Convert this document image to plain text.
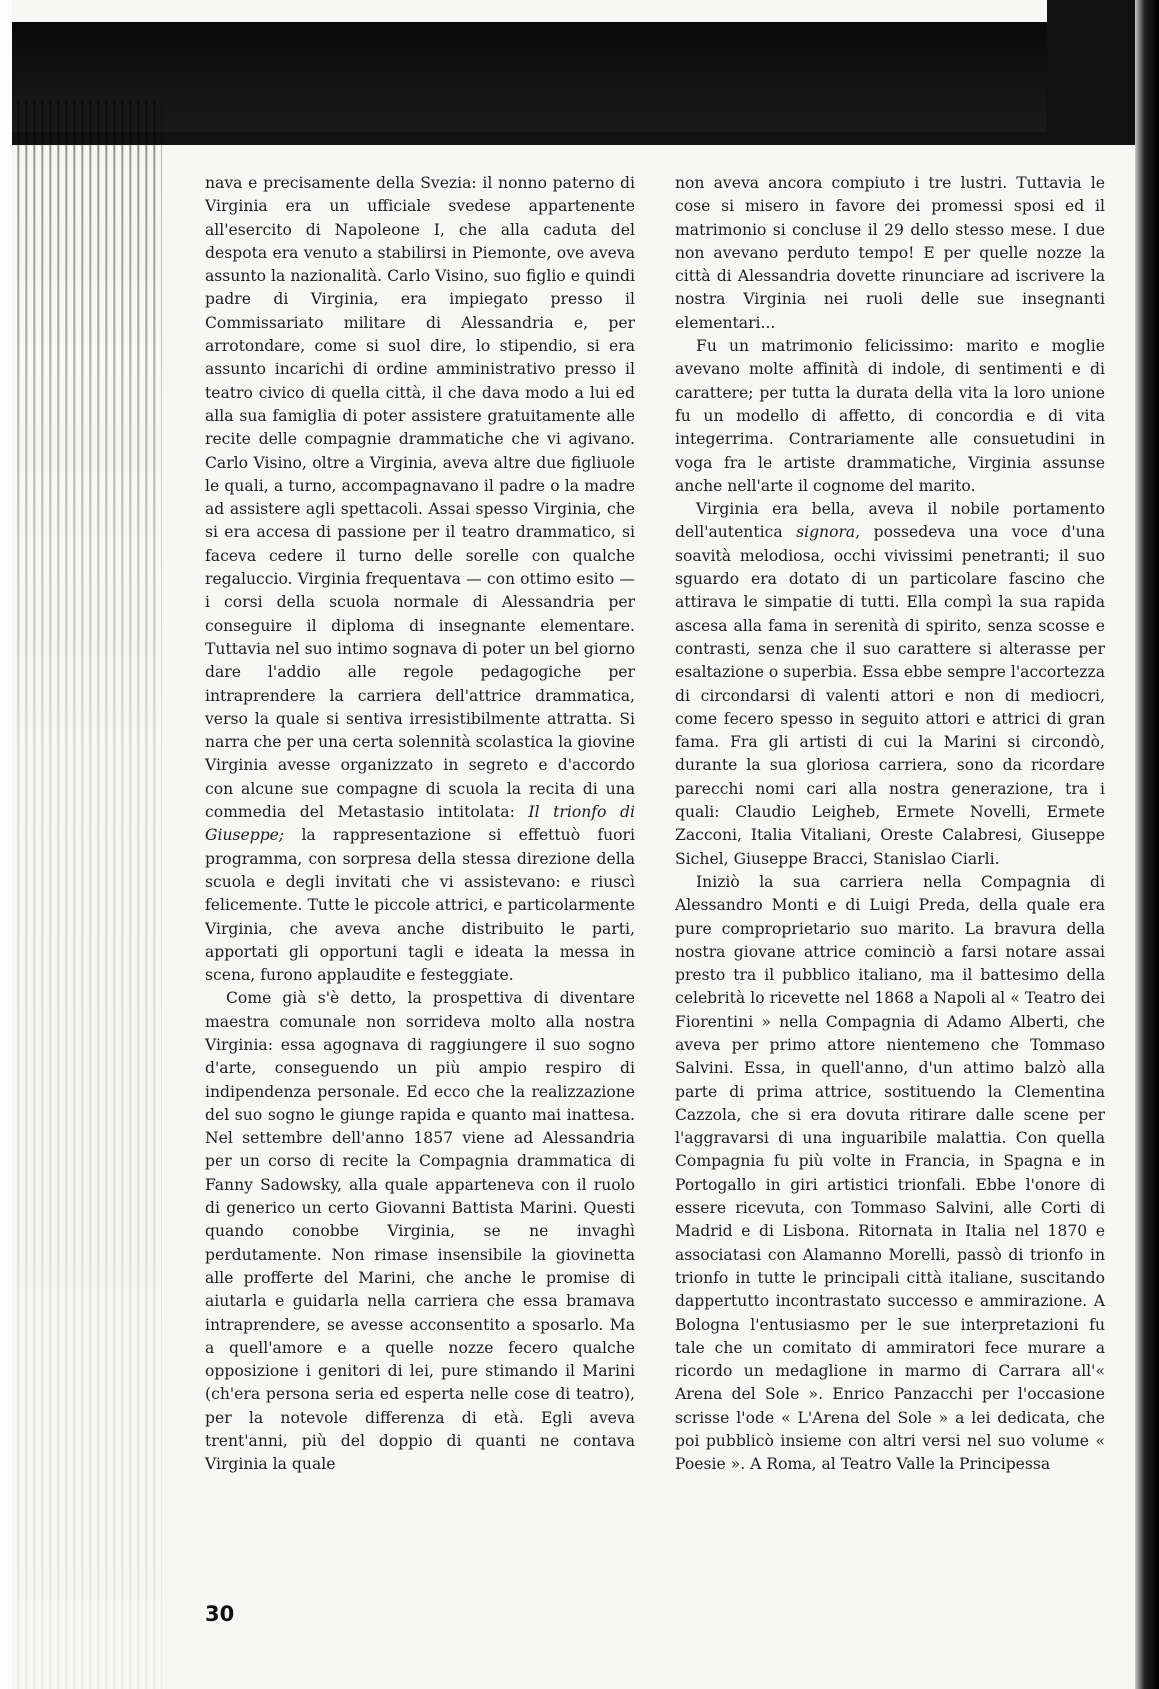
nava e precisamente della Svezia: il nonno paterno di Virginia era un ufficiale svedese appartenente all'esercito di Napoleone I, che alla caduta del despota era venuto a stabilirsi in Piemonte, ove aveva assunto la nazionalità. Carlo Visino, suo figlio e quindi padre di Virginia, era impiegato presso il Commissariato militare di Alessandria e, per arrotondare, come si suol dire, lo stipendio, si era assunto incarichi di ordine amministrativo presso il teatro civico di quella città, il che dava modo a lui ed alla sua famiglia di poter assistere gratuitamente alle recite delle compagnie drammatiche che vi agivano. Carlo Visino, oltre a Virginia, aveva altre due figliuole le quali, a turno, accompagnavano il padre o la madre ad assistere agli spettacoli. Assai spesso Virginia, che si era accesa di passione per il teatro drammatico, si faceva cedere il turno delle sorelle con qualche regaluccio. Virginia frequentava — con ottimo esito — i corsi della scuola normale di Alessandria per conseguire il diploma di insegnante elementare. Tuttavia nel suo intimo sognava di poter un bel giorno dare l'addio alle regole pedagogiche per intraprendere la carriera dell'attrice drammatica, verso la quale si sentiva irresistibilmente attratta. Si narra che per una certa solennità scolastica la giovine Virginia avesse organizzato in segreto e d'accordo con alcune sue compagne di scuola la recita di una commedia del Metastasio intitolata: Il trionfo di Giuseppe; la rappresentazione si effettuò fuori programma, con sorpresa della stessa direzione della scuola e degli invitati che vi assistevano: e riuscì felicemente. Tutte le piccole attrici, e particolarmente Virginia, che aveva anche distribuito le parti, apportati gli opportuni tagli e ideata la messa in scena, furono applaudite e festeggiate.

Come già s'è detto, la prospettiva di diventare maestra comunale non sorrideva molto alla nostra Virginia: essa agognava di raggiungere il suo sogno d'arte, conseguendo un più ampio respiro di indipendenza personale. Ed ecco che la realizzazione del suo sogno le giunge rapida e quanto mai inattesa. Nel settembre dell'anno 1857 viene ad Alessandria per un corso di recite la Compagnia drammatica di Fanny Sadowsky, alla quale apparteneva con il ruolo di generico un certo Giovanni Battista Marini. Questi quando conobbe Virginia, se ne invaghì perdutamente. Non rimase insensibile la giovinetta alle profferte del Marini, che anche le promise di aiutarla e guidarla nella carriera che essa bramava intraprendere, se avesse acconsentito a sposarlo. Ma a quell'amore e a quelle nozze fecero qualche opposizione i genitori di lei, pure stimando il Marini (ch'era persona seria ed esperta nelle cose di teatro), per la notevole differenza di età. Egli aveva trent'anni, più del doppio di quanti ne contava Virginia la quale

non aveva ancora compiuto i tre lustri. Tuttavia le cose si misero in favore dei promessi sposi ed il matrimonio si concluse il 29 dello stesso mese. I due non avevano perduto tempo! E per quelle nozze la città di Alessandria dovette rinunciare ad iscrivere la nostra Virginia nei ruoli delle sue insegnanti elementari...

Fu un matrimonio felicissimo: marito e moglie avevano molte affinità di indole, di sentimenti e di carattere; per tutta la durata della vita la loro unione fu un modello di affetto, di concordia e di vita integerrima. Contrariamente alle consuetudini in voga fra le artiste drammatiche, Virginia assunse anche nell'arte il cognome del marito.

Virginia era bella, aveva il nobile portamento dell'autentica signora, possedeva una voce d'una soavità melodiosa, occhi vivissimi penetranti; il suo sguardo era dotato di un particolare fascino che attirava le simpatie di tutti. Ella compì la sua rapida ascesa alla fama in serenità di spirito, senza scosse e contrasti, senza che il suo carattere si alterasse per esaltazione o superbia. Essa ebbe sempre l'accortezza di circondarsi di valenti attori e non di mediocri, come fecero spesso in seguito attori e attrici di gran fama. Fra gli artisti di cui la Marini si circondò, durante la sua gloriosa carriera, sono da ricordare parecchi nomi cari alla nostra generazione, tra i quali: Claudio Leigheb, Ermete Novelli, Ermete Zacconi, Italia Vitaliani, Oreste Calabresi, Giuseppe Sichel, Giuseppe Bracci, Stanislao Ciarli.

Iniziò la sua carriera nella Compagnia di Alessandro Monti e di Luigi Preda, della quale era pure comproprietario suo marito. La bravura della nostra giovane attrice cominciò a farsi notare assai presto tra il pubblico italiano, ma il battesimo della celebrità lo ricevette nel 1868 a Napoli al « Teatro dei Fiorentini » nella Compagnia di Adamo Alberti, che aveva per primo attore nientemeno che Tommaso Salvini. Essa, in quell'anno, d'un attimo balzò alla parte di prima attrice, sostituendo la Clementina Cazzola, che si era dovuta ritirare dalle scene per l'aggravarsi di una inguaribile malattia. Con quella Compagnia fu più volte in Francia, in Spagna e in Portogallo in giri artistici trionfali. Ebbe l'onore di essere ricevuta, con Tommaso Salvini, alle Corti di Madrid e di Lisbona. Ritornata in Italia nel 1870 e associatasi con Alamanno Morelli, passò di trionfo in trionfo in tutte le principali città italiane, suscitando dappertutto incontrastato successo e ammirazione. A Bologna l'entusiasmo per le sue interpretazioni fu tale che un comitato di ammiratori fece murare a ricordo un medaglione in marmo di Carrara all'« Arena del Sole ». Enrico Panzacchi per l'occasione scrisse l'ode « L'Arena del Sole » a lei dedicata, che poi pubblicò insieme con altri versi nel suo volume « Poesie ». A Roma, al Teatro Valle la Principessa

30
